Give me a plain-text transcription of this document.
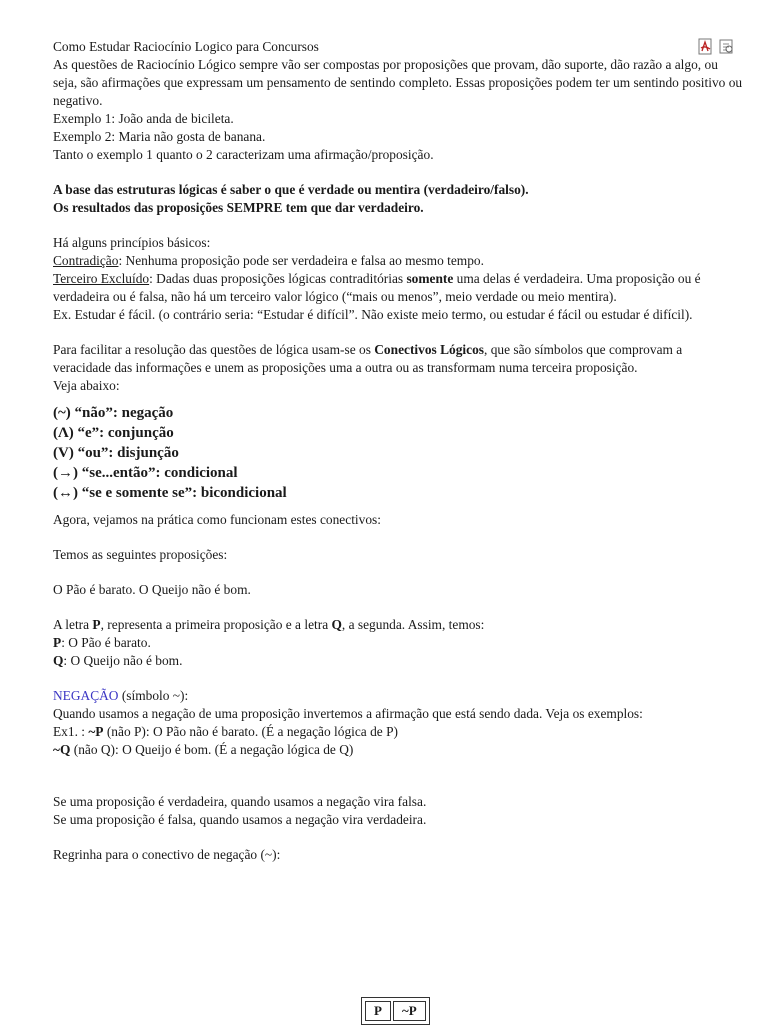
Como Estudar Raciocínio Logico para Concursos
As questões de Raciocínio Lógico sempre vão ser compostas por proposições que provam, dão suporte, dão razão a algo, ou seja, são afirmações que expressam um pensamento de sentindo completo. Essas proposições podem ter um sentindo positivo ou negativo.
Exemplo 1: João anda de bicileta.
Exemplo 2: Maria não gosta de banana.
Tanto o exemplo 1 quanto o 2 caracterizam uma afirmação/proposição.
A base das estruturas lógicas é saber o que é verdade ou mentira (verdadeiro/falso).
Os resultados das proposições SEMPRE tem que dar verdadeiro.
Há alguns princípios básicos:
Contradição: Nenhuma proposição pode ser verdadeira e falsa ao mesmo tempo.
Terceiro Excluído: Dadas duas proposições lógicas contraditórias somente uma delas é verdadeira. Uma proposição ou é verdadeira ou é falsa, não há um terceiro valor lógico (“mais ou menos”, meio verdade ou meio mentira).
Ex. Estudar é fácil. (o contrário seria: “Estudar é difícil”. Não existe meio termo, ou estudar é fácil ou estudar é difícil).
Para facilitar a resolução das questões de lógica usam-se os Conectivos Lógicos, que são símbolos que comprovam a veracidade das informações e unem as proposições uma a outra ou as transformam numa terceira proposição.
Veja abaixo:
(~) “não”: negação
(Λ) “e”: conjunção
(V) “ou”: disjunção
(→) “se...então”: condicional
(↔) “se e somente se”: bicondicional
Agora, vejamos na prática como funcionam estes conectivos:
Temos as seguintes proposições:
O Pão é barato. O Queijo não é bom.
A letra P, representa a primeira proposição e a letra Q, a segunda. Assim, temos:
P: O Pão é barato.
Q: O Queijo não é bom.
NEGAÇÃO (símbolo ~):
Quando usamos a negação de uma proposição invertemos a afirmação que está sendo dada. Veja os exemplos:
Ex1. : ~P (não P): O Pão não é barato. (É a negação lógica de P)
~Q (não Q): O Queijo é bom. (É a negação lógica de Q)
Se uma proposição é verdadeira, quando usamos a negação vira falsa.
Se uma proposição é falsa, quando usamos a negação vira verdadeira.
Regrinha para o conectivo de negação (~):
P	~P
